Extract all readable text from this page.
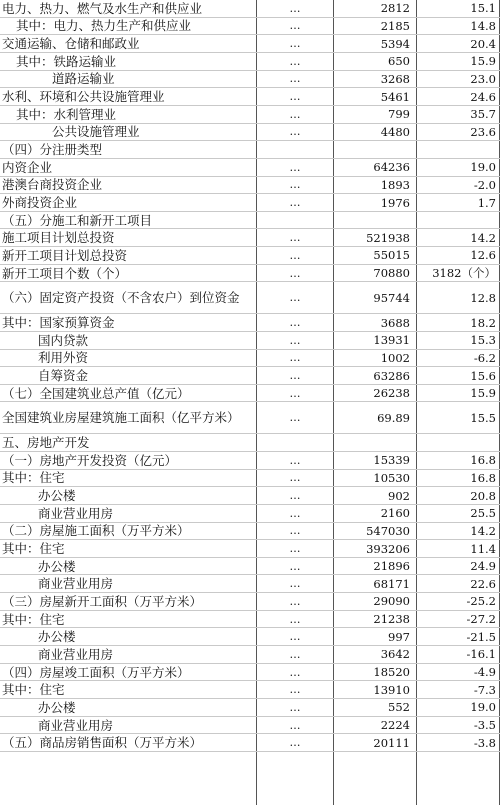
电力、热力、燃气及水生产和供应业	…	2812	15.1
其中：电力、热力生产和供应业	…	2185	14.8
交通运输、仓储和邮政业	…	5394	20.4
其中：铁路运输业	…	650	15.9
道路运输业	…	3268	23.0
水利、环境和公共设施管理业	…	5461	24.6
其中：水利管理业	…	799	35.7
公共设施管理业	…	4480	23.6
（四）分注册类型
内资企业	…	64236	19.0
港澳台商投资企业	…	1893	-2.0
外商投资企业	…	1976	1.7
（五）分施工和新开工项目
施工项目计划总投资	…	521938	14.2
新开工项目计划总投资	…	55015	12.6
新开工项目个数（个）	…	70880	3182（个）
（六）固定资产投资（不含农户）到位资金	…	95744	12.8
其中：国家预算资金	…	3688	18.2
国内贷款	…	13931	15.3
利用外资	…	1002	-6.2
自筹资金	…	63286	15.6
（七）全国建筑业总产值（亿元）	…	26238	15.9
全国建筑业房屋建筑施工面积（亿平方米）	…	69.89	15.5
五、房地产开发
（一）房地产开发投资（亿元）	…	15339	16.8
其中：住宅	…	10530	16.8
办公楼	…	902	20.8
商业营业用房	…	2160	25.5
（二）房屋施工面积（万平方米）	…	547030	14.2
其中：住宅	…	393206	11.4
办公楼	…	21896	24.9
商业营业用房	…	68171	22.6
（三）房屋新开工面积（万平方米）	…	29090	-25.2
其中：住宅	…	21238	-27.2
办公楼	…	997	-21.5
商业营业用房	…	3642	-16.1
（四）房屋竣工面积（万平方米）	…	18520	-4.9
其中：住宅	…	13910	-7.3
办公楼	…	552	19.0
商业营业用房	…	2224	-3.5
（五）商品房销售面积（万平方米）	…	20111	-3.8
